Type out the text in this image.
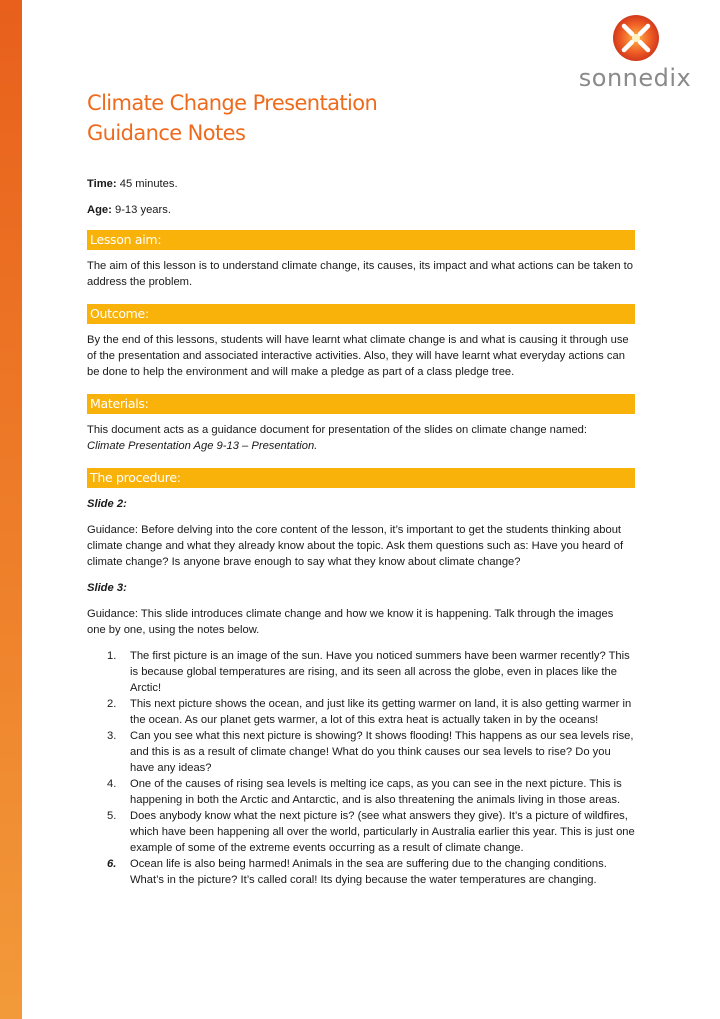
sonnedix
Climate Change Presentation
Guidance Notes
Time: 45 minutes.
Age: 9-13 years.
Lesson aim:

The aim of this lesson is to understand climate change, its causes, its impact and what actions can be taken to address the problem.

Outcome:

By the end of this lessons, students will have learnt what climate change is and what is causing it through use of the presentation and associated interactive activities. Also, they will have learnt what everyday actions can be done to help the environment and will make a pledge as part of a class pledge tree.

Materials:

This document acts as a guidance document for presentation of the slides on climate change named:
Climate Presentation Age 9-13 – Presentation.

The procedure:
Slide 2:

Guidance: Before delving into the core content of the lesson, it’s important to get the students thinking about climate change and what they already know about the topic. Ask them questions such as: Have you heard of climate change? Is anyone brave enough to say what they know about climate change?

Slide 3:

Guidance: This slide introduces climate change and how we know it is happening. Talk through the images one by one, using the notes below.

1. The first picture is an image of the sun. Have you noticed summers have been warmer recently? This is because global temperatures are rising, and its seen all across the globe, even in places like the Arctic!
2. This next picture shows the ocean, and just like its getting warmer on land, it is also getting warmer in the ocean. As our planet gets warmer, a lot of this extra heat is actually taken in by the oceans!
3. Can you see what this next picture is showing? It shows flooding! This happens as our sea levels rise, and this is as a result of climate change! What do you think causes our sea levels to rise? Do you have any ideas?
4. One of the causes of rising sea levels is melting ice caps, as you can see in the next picture. This is happening in both the Arctic and Antarctic, and is also threatening the animals living in those areas.
5. Does anybody know what the next picture is? (see what answers they give). It’s a picture of wildfires, which have been happening all over the world, particularly in Australia earlier this year. This is just one example of some of the extreme events occurring as a result of climate change.
6. Ocean life is also being harmed! Animals in the sea are suffering due to the changing conditions. What’s in the picture? It’s called coral! Its dying because the water temperatures are changing.
